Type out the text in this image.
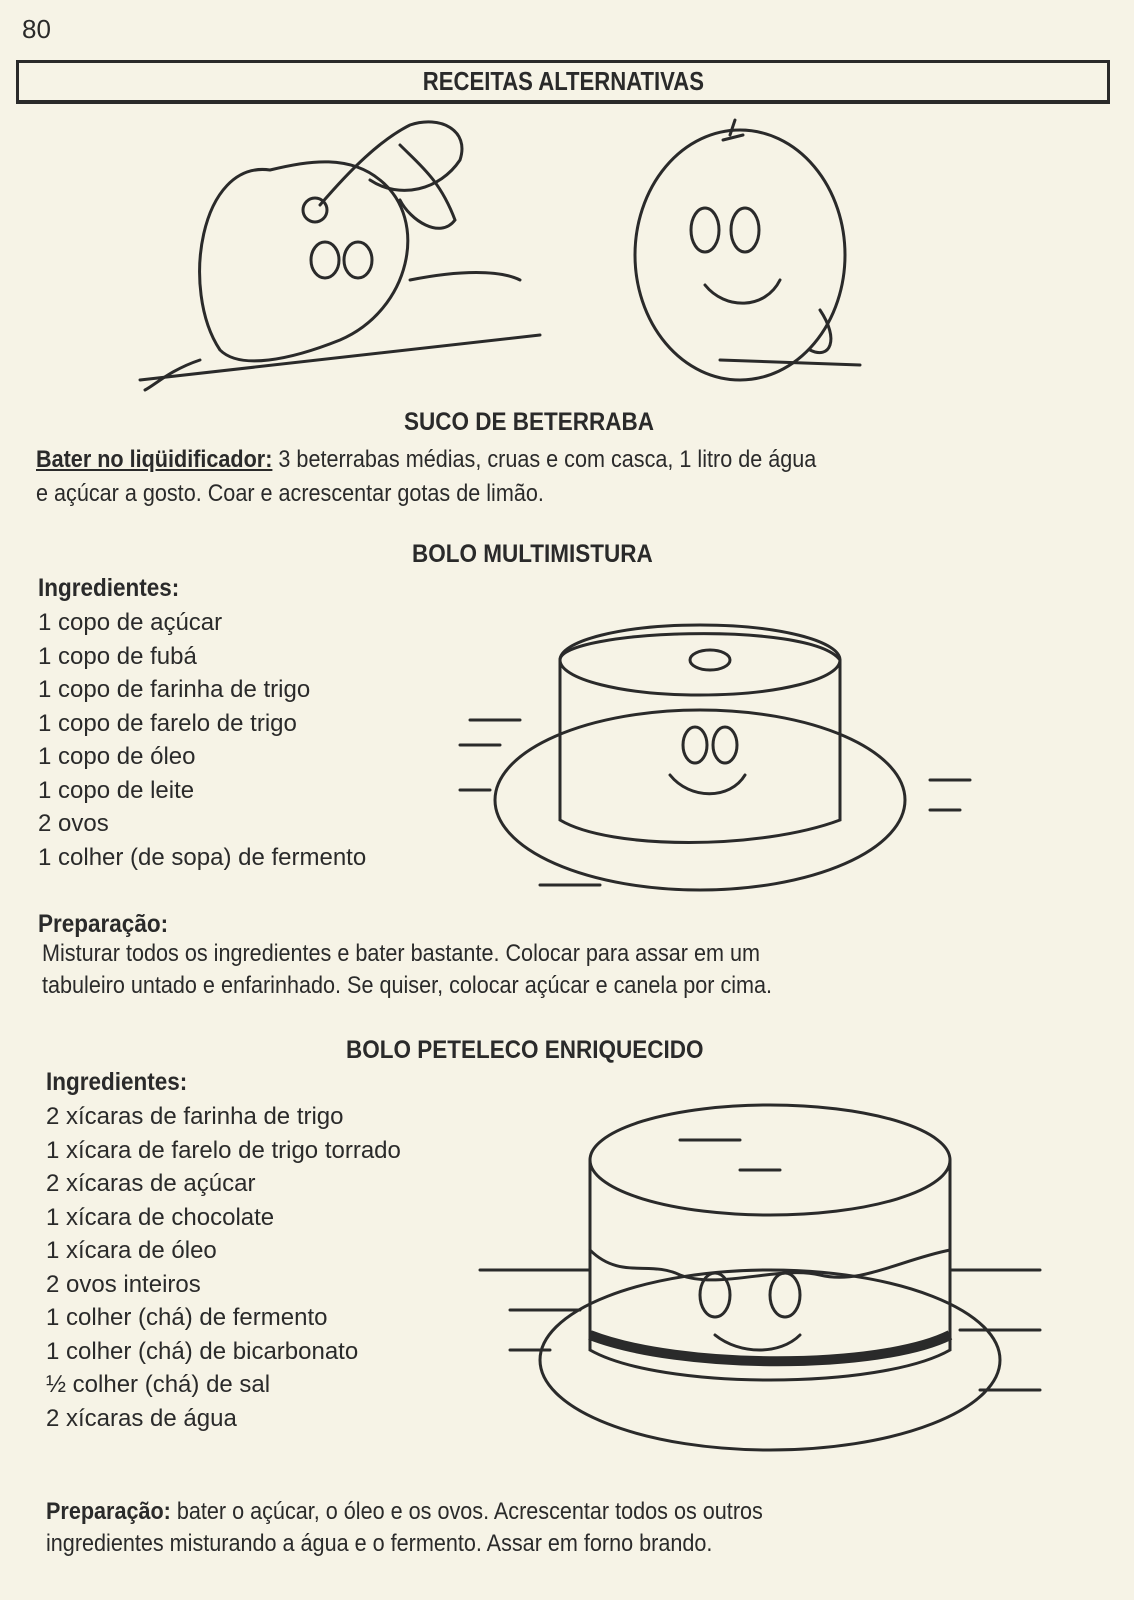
80
RECEITAS ALTERNATIVAS
SUCO DE BETERRABA
Bater no liqüidificador: 3 beterrabas médias, cruas e com casca, 1 litro de água
e açúcar a gosto. Coar e acrescentar gotas de limão.
BOLO MULTIMISTURA
Ingredientes:
1 copo de açúcar
1 copo de fubá
1 copo de farinha de trigo
1 copo de farelo de trigo
1 copo de óleo
1 copo de leite
2 ovos
1 colher (de sopa) de fermento
Preparação:
Misturar todos os ingredientes e bater bastante. Colocar para assar em um
tabuleiro untado e enfarinhado. Se quiser, colocar açúcar e canela por cima.
BOLO PETELECO ENRIQUECIDO
Ingredientes:
2 xícaras de farinha de trigo
1 xícara de farelo de trigo torrado
2 xícaras de açúcar
1 xícara de chocolate
1 xícara de óleo
2 ovos inteiros
1 colher (chá) de fermento
1 colher (chá) de bicarbonato
½ colher (chá) de sal
2 xícaras de água
Preparação: bater o açúcar, o óleo e os ovos. Acrescentar todos os outros
ingredientes misturando a água e o fermento. Assar em forno brando.
